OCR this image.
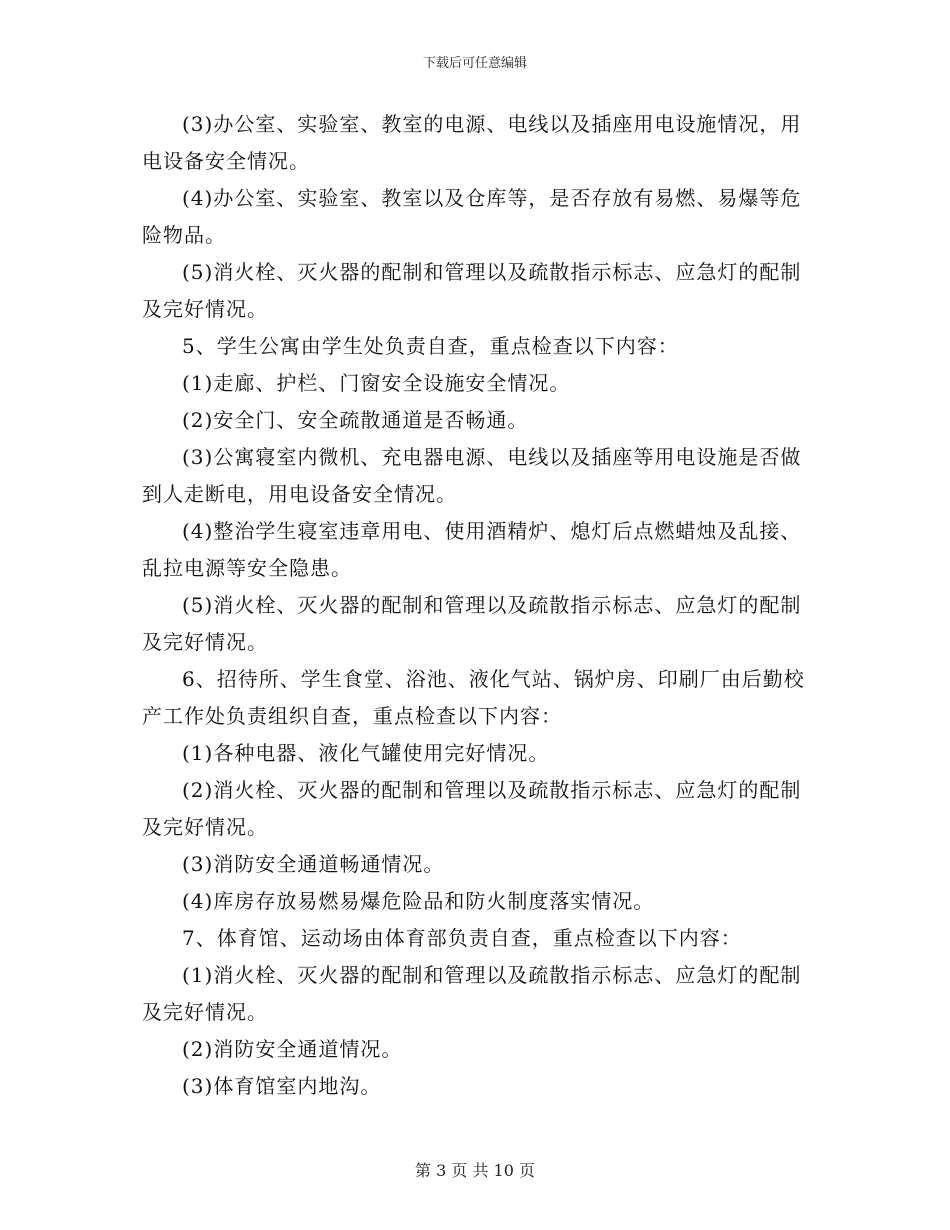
下载后可任意编辑

(3)办公室、实验室、教室的电源、电线以及插座用电设施情况，用电设备安全情况。

(4)办公室、实验室、教室以及仓库等，是否存放有易燃、易爆等危险物品。

(5)消火栓、灭火器的配制和管理以及疏散指示标志、应急灯的配制及完好情况。

5、学生公寓由学生处负责自查，重点检查以下内容：

(1)走廊、护栏、门窗安全设施安全情况。

(2)安全门、安全疏散通道是否畅通。

(3)公寓寝室内微机、充电器电源、电线以及插座等用电设施是否做到人走断电，用电设备安全情况。

(4)整治学生寝室违章用电、使用酒精炉、熄灯后点燃蜡烛及乱接、乱拉电源等安全隐患。

(5)消火栓、灭火器的配制和管理以及疏散指示标志、应急灯的配制及完好情况。

6、招待所、学生食堂、浴池、液化气站、锅炉房、印刷厂由后勤校产工作处负责组织自查，重点检查以下内容：

(1)各种电器、液化气罐使用完好情况。

(2)消火栓、灭火器的配制和管理以及疏散指示标志、应急灯的配制及完好情况。

(3)消防安全通道畅通情况。

(4)库房存放易燃易爆危险品和防火制度落实情况。

7、体育馆、运动场由体育部负责自查，重点检查以下内容：

(1)消火栓、灭火器的配制和管理以及疏散指示标志、应急灯的配制及完好情况。

(2)消防安全通道情况。

(3)体育馆室内地沟。

第 3 页 共 10 页
